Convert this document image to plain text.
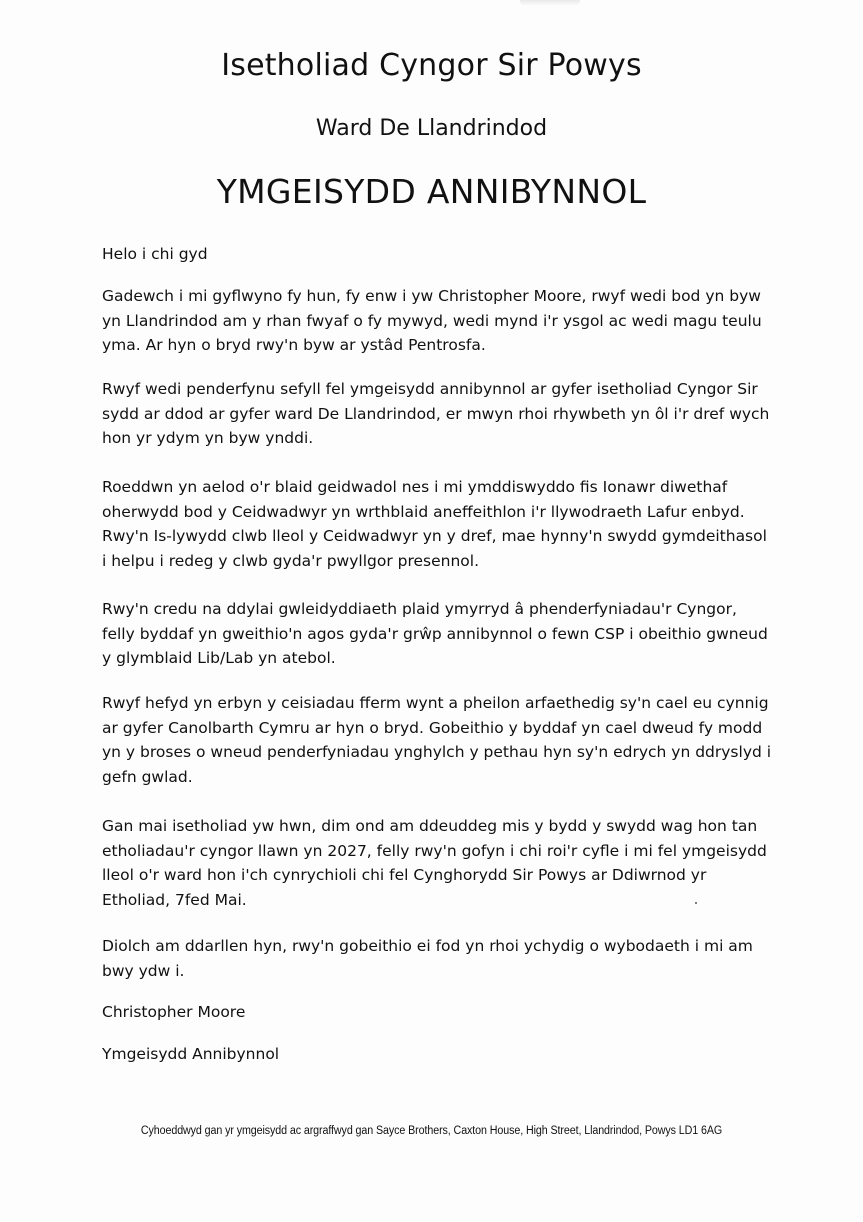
Isetholiad Cyngor Sir Powys
Ward De Llandrindod
YMGEISYDD ANNIBYNNOL
Helo i chi gyd
Gadewch i mi gyflwyno fy hun, fy enw i yw Christopher Moore, rwyf wedi bod yn byw yn Llandrindod am y rhan fwyaf o fy mywyd, wedi mynd i'r ysgol ac wedi magu teulu yma. Ar hyn o bryd rwy'n byw ar ystâd Pentrosfa.
Rwyf wedi penderfynu sefyll fel ymgeisydd annibynnol ar gyfer isetholiad Cyngor Sir sydd ar ddod ar gyfer ward De Llandrindod, er mwyn rhoi rhywbeth yn ôl i'r dref wych hon yr ydym yn byw ynddi.
Roeddwn yn aelod o'r blaid geidwadol nes i mi ymddiswyddo fis Ionawr diwethaf oherwydd bod y Ceidwadwyr yn wrthblaid aneffeithlon i'r llywodraeth Lafur enbyd. Rwy'n Is-lywydd clwb lleol y Ceidwadwyr yn y dref, mae hynny'n swydd gymdeithasol i helpu i redeg y clwb gyda'r pwyllgor presennol.
Rwy'n credu na ddylai gwleidyddiaeth plaid ymyrryd â phenderfyniadau'r Cyngor, felly byddaf yn gweithio'n agos gyda'r grŵp annibynnol o fewn CSP i obeithio gwneud y glymblaid Lib/Lab yn atebol.
Rwyf hefyd yn erbyn y ceisiadau fferm wynt a pheilon arfaethedig sy'n cael eu cynnig ar gyfer Canolbarth Cymru ar hyn o bryd. Gobeithio y byddaf yn cael dweud fy modd yn y broses o wneud penderfyniadau ynghylch y pethau hyn sy'n edrych yn ddryslyd i gefn gwlad.
Gan mai isetholiad yw hwn, dim ond am ddeuddeg mis y bydd y swydd wag hon tan etholiadau'r cyngor llawn yn 2027, felly rwy'n gofyn i chi roi'r cyfle i mi fel ymgeisydd lleol o'r ward hon i'ch cynrychioli chi fel Cynghorydd Sir Powys ar Ddiwrnod yr Etholiad, 7fed Mai.
Diolch am ddarllen hyn, rwy'n gobeithio ei fod yn rhoi ychydig o wybodaeth i mi am bwy ydw i.
Christopher Moore
Ymgeisydd Annibynnol
Cyhoeddwyd gan yr ymgeisydd ac argraffwyd gan Sayce Brothers, Caxton House, High Street, Llandrindod, Powys LD1 6AG
